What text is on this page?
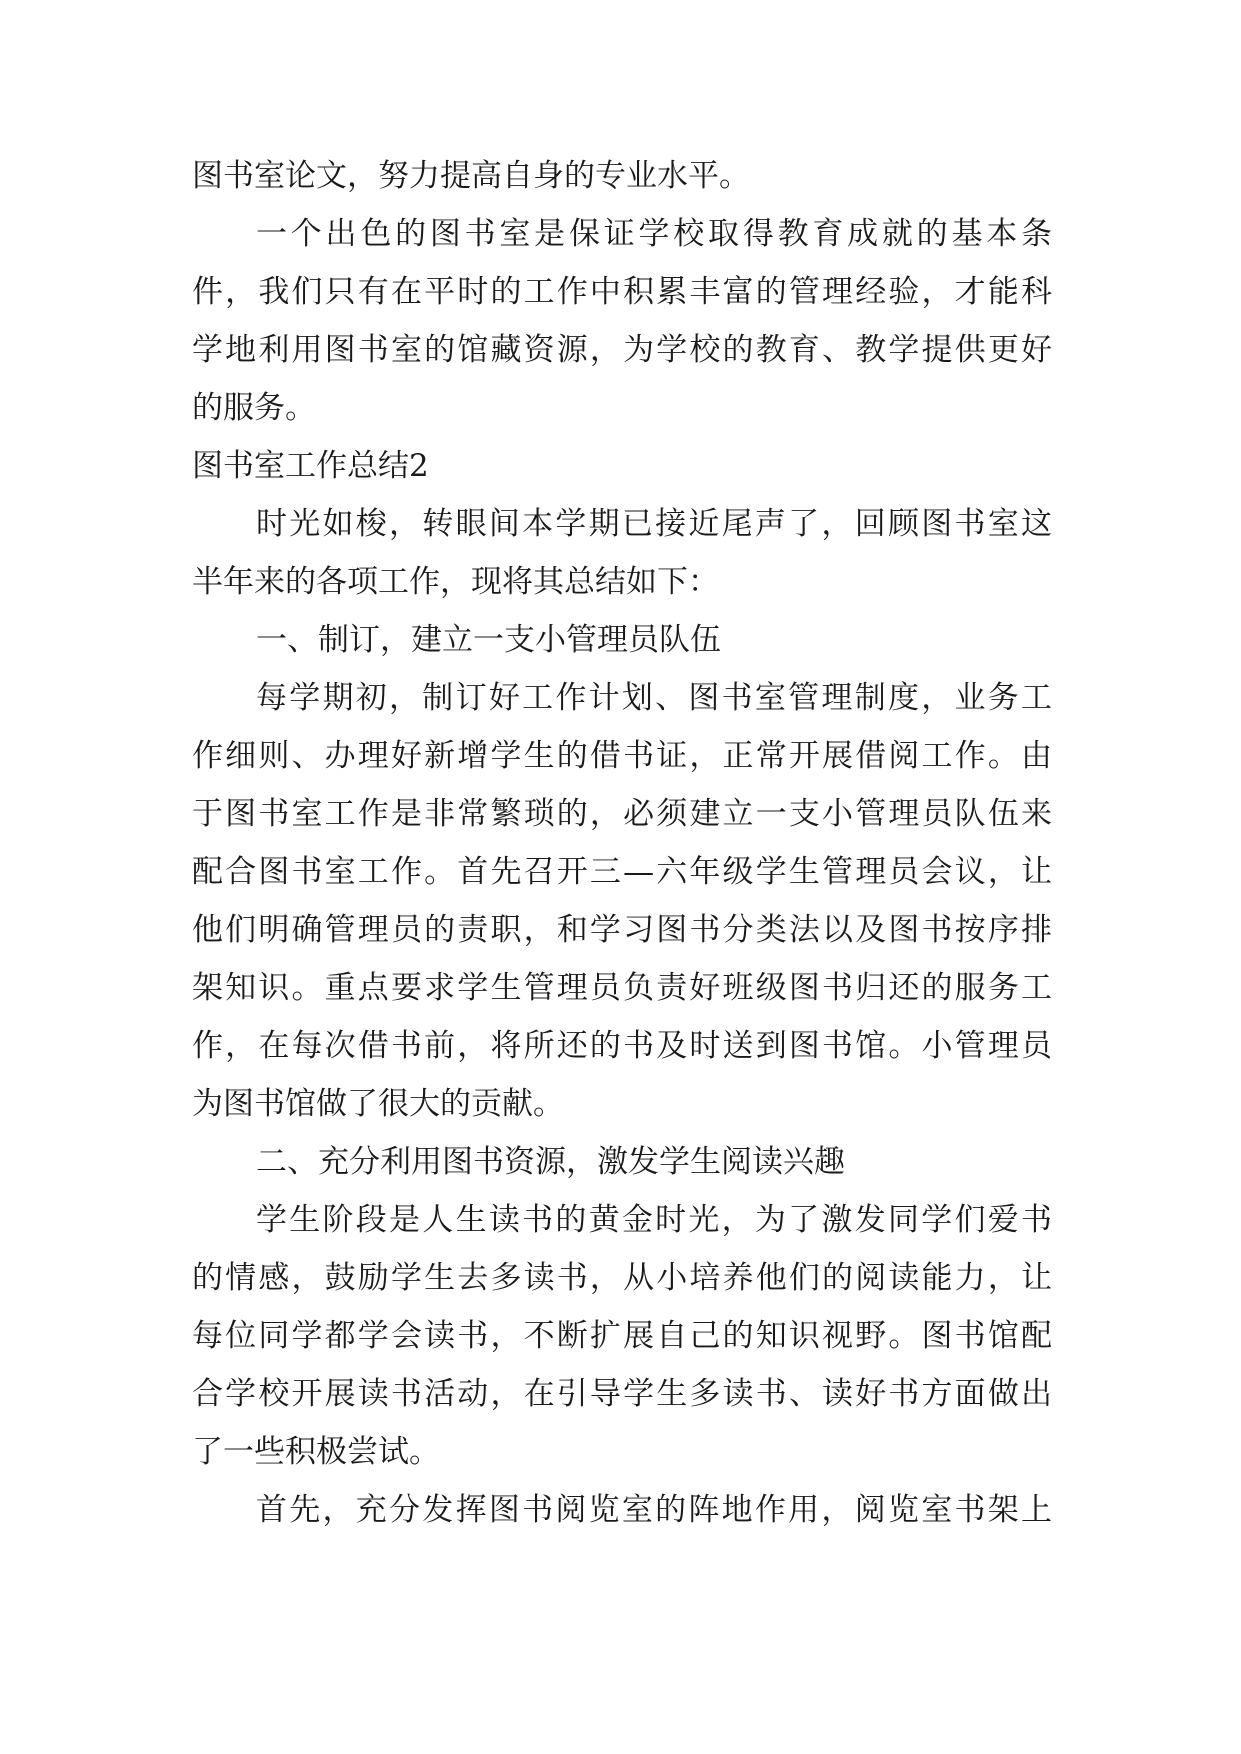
图书室论文，努力提高自身的专业水平。
一个出色的图书室是保证学校取得教育成就的基本条
件，我们只有在平时的工作中积累丰富的管理经验，才能科
学地利用图书室的馆藏资源，为学校的教育、教学提供更好
的服务。
图书室工作总结2
时光如梭，转眼间本学期已接近尾声了，回顾图书室这
半年来的各项工作，现将其总结如下：
一、制订，建立一支小管理员队伍
每学期初，制订好工作计划、图书室管理制度，业务工
作细则、办理好新增学生的借书证，正常开展借阅工作。由
于图书室工作是非常繁琐的，必须建立一支小管理员队伍来
配合图书室工作。首先召开三—六年级学生管理员会议，让
他们明确管理员的责职，和学习图书分类法以及图书按序排
架知识。重点要求学生管理员负责好班级图书归还的服务工
作，在每次借书前，将所还的书及时送到图书馆。小管理员
为图书馆做了很大的贡献。
二、充分利用图书资源，激发学生阅读兴趣
学生阶段是人生读书的黄金时光，为了激发同学们爱书
的情感，鼓励学生去多读书，从小培养他们的阅读能力，让
每位同学都学会读书，不断扩展自己的知识视野。图书馆配
合学校开展读书活动，在引导学生多读书、读好书方面做出
了一些积极尝试。
首先，充分发挥图书阅览室的阵地作用，阅览室书架上
